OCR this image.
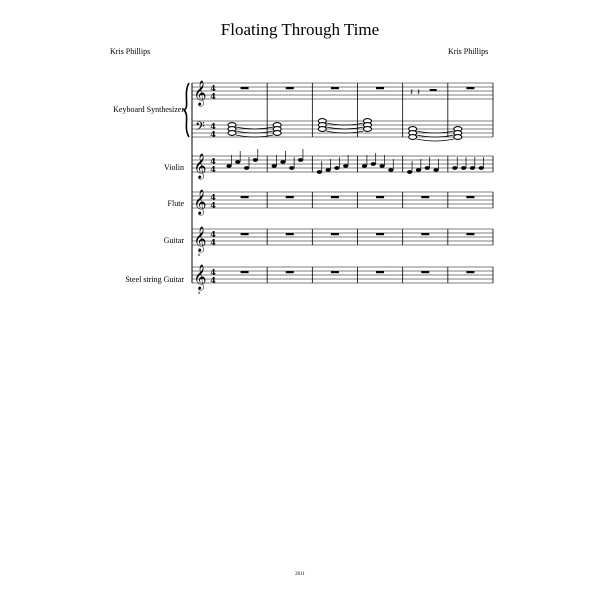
Floating Through Time
Kris Phillips	Kris Phillips
Keyboard Synthesizer
Violin
Flute
Guitar
Steel string Guitar
𝄞 4
4	𝄽 𝄽
𝄢 4
4
𝄞 4
4
𝄞 4
4
𝄞
8
4
4
𝄞
8
4
4
2011
